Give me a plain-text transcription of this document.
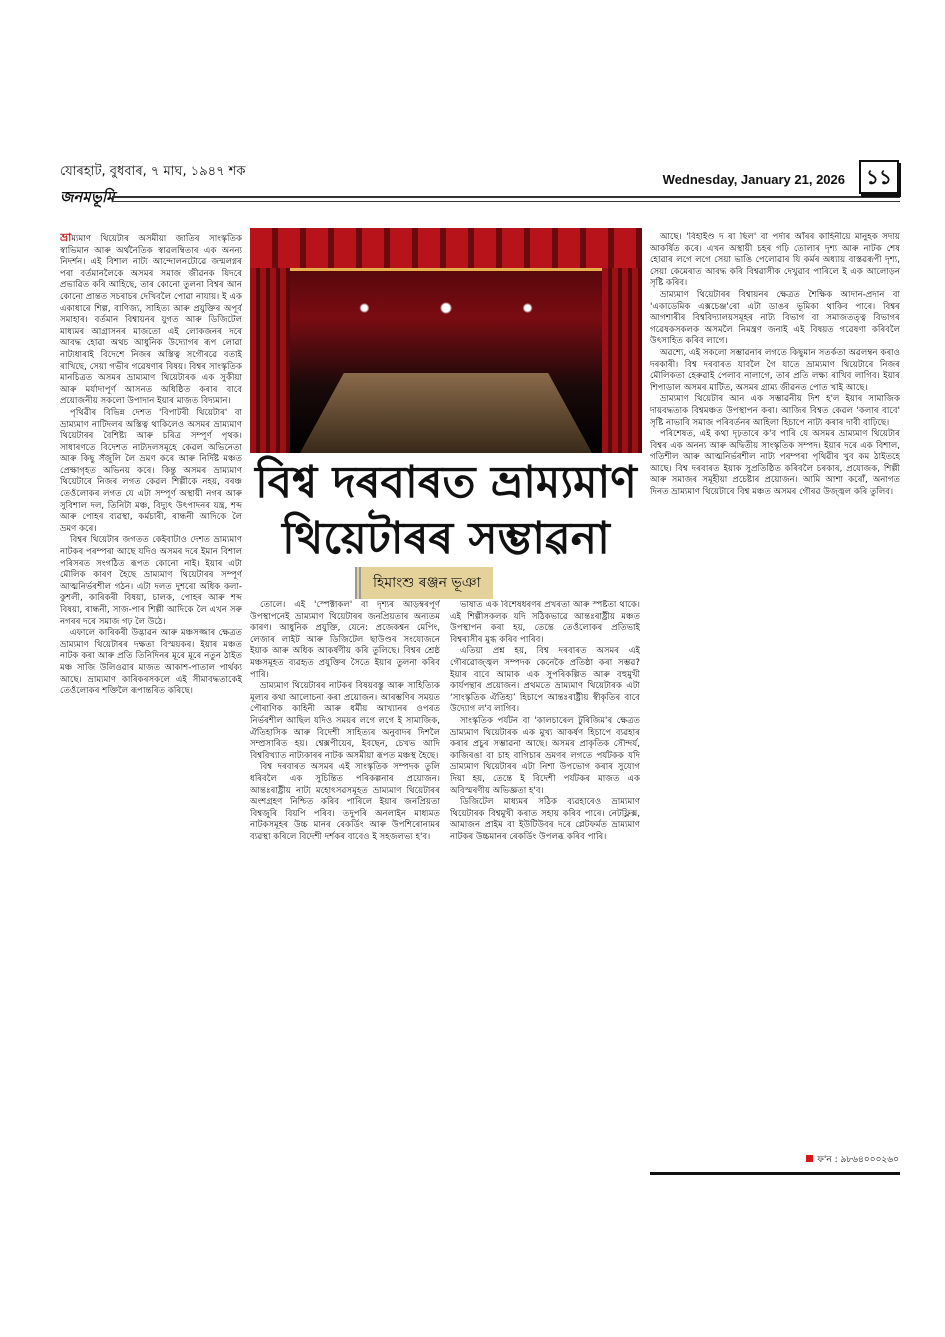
যোৰহাট, বুধবাৰ, ৭ মাঘ, ১৯৪৭ শক
জনমভূমি
Wednesday, January 21, 2026	১১

ভ্ৰাম্যমাণ থিয়েটাৰ অসমীয়া জাতিৰ সাংস্কৃতিক স্বাভিমান আৰু অৰ্থনৈতিক স্বাৱলম্বিতাৰ এক অনন্য নিদৰ্শন। এই বিশাল নাট্য আন্দোলনটোৱে জন্মলগ্নৰ পৰা বৰ্তমানলৈকে অসমৰ সমাজ জীৱনক যিদৰে প্ৰভাৱিত কৰি আহিছে, তাৰ কোনো তুলনা বিশ্বৰ আন কোনো প্ৰান্তত সচৰাচৰ দেখিবলৈ পোৱা নাযায়। ই এক একাধাৰে শিল্প, বাণিজ্য, সাহিত্য আৰু প্ৰযুক্তিৰ অপূৰ্ব সমাহাৰ। বৰ্তমান বিশ্বায়নৰ যুগত আৰু ডিজিটেল মাধ্যমৰ আগ্ৰাসনৰ মাজতো এই লোকজনৰ দৰে আবদ্ধ হোৱা অথচ আধুনিক উদ্যোগৰ ৰূপ লোৱা নাট্যধাৰাই বিদেশে নিজৰ অস্তিত্ব সগৌৰৱে বতাই ৰাখিছে, সেয়া গভীৰ গৱেষণাৰ বিষয়। বিশ্বৰ সাংস্কৃতিক মানচিত্ৰত অসমৰ ভ্ৰাম্যমাণ থিয়েটাৰক এক সুকীয়া আৰু মৰ্যাদাপূৰ্ণ আসনত অধিষ্ঠিত কৰাৰ বাবে প্ৰয়োজনীয় সকলো উপাদান ইয়াৰ মাজত বিদ্যমান।

পৃথিৱীৰ বিভিন্ন দেশত 'বিপাটৰী থিয়েটাৰ' বা ভ্ৰাম্যমাণ নাটিদলৰ অস্তিত্ব থাকিলেও অসমৰ ভ্ৰাম্যমাণ থিয়েটাৰৰ বৈশিষ্ট্য আৰু চৰিত্ৰ সম্পূৰ্ণ পৃথক। সাধাৰণতে বিদেশত নাট্যদলসমূহে কেৱল অভিনেতা আৰু কিছু সঁজুলি লৈ ভ্ৰমণ কৰে আৰু নিৰ্দিষ্ট মঞ্চত প্ৰেক্ষাগৃহত অভিনয় কৰে। কিন্তু অসমৰ ভ্ৰাম্যমাণ থিয়েটাৰে নিজৰ লগত কেৱল শিল্পীকে নহয়, বৰঞ্চ তেওঁলোকৰ লগত যে এটা সম্পূৰ্ণ অস্থায়ী নগৰ আৰু সুবিশাল দল, তিনিটা মঞ্চ, বিদ্যুৎ উৎপাদনৰ যন্ত্ৰ, শব্দ আৰু পোহৰ ব্যৱস্থা, কৰ্মচাৰী, ৰান্ধনী আদিকে লৈ ভ্ৰমণ কৰে।

বিশ্বৰ থিয়েটাৰ জগতত কেইবাটাও দেশত ভ্ৰাম্যমাণ নাটকৰ পৰম্পৰা আছে যদিও অসমৰ দৰে ইমান বিশাল পৰিসৰত সংগঠিত ৰূপত কোনো নাই। ইয়াৰ এটা মৌলিক কাৰণ হৈছে ভ্ৰাম্যমাণ থিয়েটাৰৰ সম্পূৰ্ণ আত্মনিৰ্ভৰশীল গঠন। এটা দলত দুশৰো অধিক কলা-কুশলী, কাৰিকৰী বিষয়া, চালক, পোহৰ আৰু শব্দ বিষয়া, ৰান্ধনী, সাজ-পাৰ শিল্পী আদিকে লৈ এখন সৰু নগৰৰ দৰে সমাজ গঢ় লৈ উঠে।

এফালে কাৰিকৰী উদ্ভাৱন আৰু মঞ্চসজ্জাৰ ক্ষেত্ৰত ভ্ৰাম্যমাণ থিয়েটাৰৰ দক্ষতা বিস্ময়কৰ। ইয়াৰ মঞ্চত নাটক কৰা আৰু প্ৰতি তিনিদিনৰ মূৰে মূৰে নতুন ঠাইত মঞ্চ সাজি উলিওৱাৰ মাজত আকাশ-পাতাল পাৰ্থক্য আছে। ভ্ৰাম্যমাণ কাৰিকৰসকলে এই সীমাবদ্ধতাকেই তেওঁলোকৰ শক্তিলৈ ৰূপান্তৰিত কৰিছে।

বিশ্ব দৰবাৰত ভ্ৰাম্যমাণ
থিয়েটাৰৰ সম্ভাৱনা
হিমাংশু ৰঞ্জন ভূঞা

তোলে। এই 'স্পেক্টাকল' বা দৃশ্যৰ আড়ম্বৰপূৰ্ণ উপস্থাপনেই ভ্ৰাম্যমাণ থিয়েটাৰৰ জনপ্ৰিয়তাৰ অন্যতম কাৰণ। আধুনিক প্ৰযুক্তি, যেনে: প্ৰজেকশ্বন মেপিং, লেজাৰ লাইট আৰু ডিজিটেল ছাউণ্ডৰ সংযোজনে ইয়াক আৰু অধিক আকৰ্ষণীয় কৰি তুলিছে। বিশ্বৰ শ্ৰেষ্ঠ মঞ্চসমূহত ব্যৱহৃত প্ৰযুক্তিৰ সৈতে ইয়াৰ তুলনা কৰিব পাৰি।

ভ্ৰাম্যমাণ থিয়েটাৰৰ নাটকৰ বিষয়বস্তু আৰু সাহিত্যিক মূল্যৰ কথা আলোচনা কৰা প্ৰয়োজন। আৰম্ভণিৰ সময়ত পৌৰাণিক কাহিনী আৰু ধৰ্মীয় আখ্যানৰ ওপৰত নিৰ্ভৰশীল আছিল যদিও সময়ৰ লগে লগে ই সামাজিক, ঐতিহাসিক আৰু বিদেশী সাহিত্যৰ অনুবাদৰ দিশলৈ সম্প্ৰসাৰিত হয়। শ্বেক্সপীয়েৰ, ইবছেন, চেখভ আদি বিশ্ববিখ্যাত নাট্যকাৰৰ নাটক অসমীয়া ৰূপত মঞ্চস্থ হৈছে।

বিশ্ব দৰবাৰত অসমৰ এই সাংস্কৃতিক সম্পদক তুলি ধৰিবলৈ এক সুচিন্তিত পৰিকল্পনাৰ প্ৰয়োজন। আন্তঃৰাষ্ট্ৰীয় নাট্য মহোৎসৱসমূহত ভ্ৰাম্যমাণ থিয়েটাৰৰ অংশগ্ৰহণ নিশ্চিত কৰিব পাৰিলে ইয়াৰ জনপ্ৰিয়তা বিশ্বজুৰি বিয়পি পৰিব। তদুপৰি অনলাইন মাধ্যমত নাটকসমূহৰ উচ্চ মানৰ ৰেকৰ্ডিং আৰু উপশিৰোনামৰ ব্যৱস্থা কৰিলে বিদেশী দৰ্শকৰ বাবেও ই সহজলভ্য হ'ব।

ভাষাত এক বিশেষধৰণৰ প্ৰখৰতা আৰু স্পষ্টতা থাকে। এই শিল্পীসকলক যদি সঠিকভাৱে আন্তঃৰাষ্ট্ৰীয় মঞ্চত উপস্থাপন কৰা হয়, তেন্তে তেওঁলোকৰ প্ৰতিভাই বিশ্বৰাসীৰ মুগ্ধ কৰিব পাৰিব।

এতিয়া প্ৰশ্ন হয়, বিশ্ব দৰবাৰত অসমৰ এই গৌৰৱোজ্জ্বল সম্পদক কেনেকৈ প্ৰতিষ্ঠা কৰা সম্ভৱ? ইয়াৰ বাবে আমাক এক সুপৰিকল্পিত আৰু বহুমুখী কাৰ্যপন্থাৰ প্ৰয়োজন। প্ৰথমতে ভ্ৰাম্যমাণ থিয়েটাৰক এটা ‘সাংস্কৃতিক ঐতিহ্য’ হিচাপে আন্তঃৰাষ্ট্ৰীয় স্বীকৃতিৰ বাবে উদ্যোগ ল'ব লাগিব।

সাংস্কৃতিক পৰ্যটন বা 'কালচাৰেল টুৰিজিম'ৰ ক্ষেত্ৰত ভ্ৰাম্যমাণ থিয়েটাৰক এক মুখ্য আকৰ্ষণ হিচাপে ব্যৱহাৰ কৰাৰ প্ৰচুৰ সম্ভাৱনা আছে। অসমৰ প্ৰাকৃতিক সৌন্দৰ্য, কাজিৰঙা বা চাহ বাগিচাৰ ভ্ৰমণৰ লগতে পৰ্যটকক যদি ভ্ৰাম্যমাণ থিয়েটাৰৰ এটা নিশা উপভোগ কৰাৰ সুযোগ দিয়া হয়, তেন্তে ই বিদেশী পৰ্যটকৰ মাজত এক অবিস্মৰণীয় অভিজ্ঞতা হ'ব।

ডিজিটেল মাধ্যমৰ সঠিক ব্যৱহাৰেও ভ্ৰাম্যমাণ থিয়েটাৰক বিশ্বমুখী কৰাত সহায় কৰিব পাৰে। নেটফ্লিক্স, আমাজন প্ৰাইম বা ইউটিউবৰ দৰে প্লেটফৰ্মত ভ্ৰাম্যমাণ নাটকৰ উচ্চমানৰ ৰেকৰ্ডিং উপলব্ধ কৰিব পাৰি।

আছে। 'বিহাইণ্ড দ ৰা ছিল' বা পৰ্দাৰ আঁৰৰ কাহিনীয়ে মানুহক সদায় আকৰ্ষিত কৰে। এখন অস্থায়ী চহৰ গঢ়ি তোলাৰ দৃশ্য আৰু নাটক শেষ হোৱাৰ লগে লগে সেয়া ভাঙি পেলোৱাৰ যি কৰ্মৰ অধ্যায় বাস্তৱৰূপী দৃশ্য, সেয়া কেমেৰাত আবদ্ধ কৰি বিশ্বৱাসীক দেখুৱাব পাৰিলে ই এক আলোড়ন সৃষ্টি কৰিব।

ভ্ৰাম্যমাণ থিয়েটাৰৰ বিশ্বায়নৰ ক্ষেত্ৰত শৈক্ষিক আদান-প্ৰদান বা 'একাডেমিক এক্সচেঞ্জ'ৰো এটা ডাঙৰ ভূমিকা থাকিব পাৰে। বিশ্বৰ আগশাৰীৰ বিশ্ববিদ্যালয়সমূহৰ নাট্য বিভাগ বা সমাজতত্ত্ব বিভাগৰ গৱেষকসকলক অসমলৈ নিমন্ত্ৰণ জনাই এই বিষয়ত গৱেষণা কৰিবলৈ উৎসাহিত কৰিব লাগে।

অৱশ্যে, এই সকলো সম্ভাৱনাৰ লগতে কিছুমান সতৰ্কতা অৱলম্বন কৰাও দৰকাৰী। বিশ্ব দৰবাৰত যাবলৈ গৈ যাতে ভ্ৰাম্যমাণ থিয়েটাৰে নিজৰ মৌলিকতা হেৰুৱাই পেলাব নালাগে, তাৰ প্ৰতি লক্ষ্য ৰাখিব লাগিব। ইয়াৰ শিপাডাল অসমৰ মাটিত, অসমৰ গ্ৰাম্য জীৱনত পোত খাই আছে।

ভ্ৰাম্যমাণ থিয়েটাৰ আন এক সম্ভাৱনীয় দিশ হ'ল ইয়াৰ সামাজিক দায়বদ্ধতাক বিশ্বমঞ্চত উপস্থাপন কৰা। আজিৰ বিশ্বত কেৱল 'কলাৰ বাবে' সৃষ্টি নাভাবি সমাজ পৰিবৰ্তনৰ আহিলা হিচাপে নাট্য কৰাৰ দাবী বাঢ়িছে।

পৰিশেষত, এই কথা দৃঢ়তাৰে ক'ব পাৰি যে অসমৰ ভ্ৰাম্যমাণ থিয়েটাৰ বিশ্বৰ এক অনন্য আৰু অদ্বিতীয় সাংস্কৃতিক সম্পদ। ইয়াৰ দৰে এক বিশাল, গতিশীল আৰু আত্মনিৰ্ভৰশীল নাট্য পৰম্পৰা পৃথিৱীৰ খুব কম ঠাইতহে আছে। বিশ্ব দৰবাৰত ইয়াক সুপ্ৰতিষ্ঠিত কৰিবলৈ চৰকাৰ, প্ৰযোজক, শিল্পী আৰু সমাজৰ সমূহীয়া প্ৰচেষ্টাৰ প্ৰয়োজন। আমি আশা কৰোঁ, অনাগত দিনত ভ্ৰাম্যমাণ থিয়েটাৰে বিশ্ব মঞ্চত অসমৰ গৌৰৱ উজ্জ্বল কৰি তুলিব।

ফ'ন : ৯৮৬৪০০০২৬০
